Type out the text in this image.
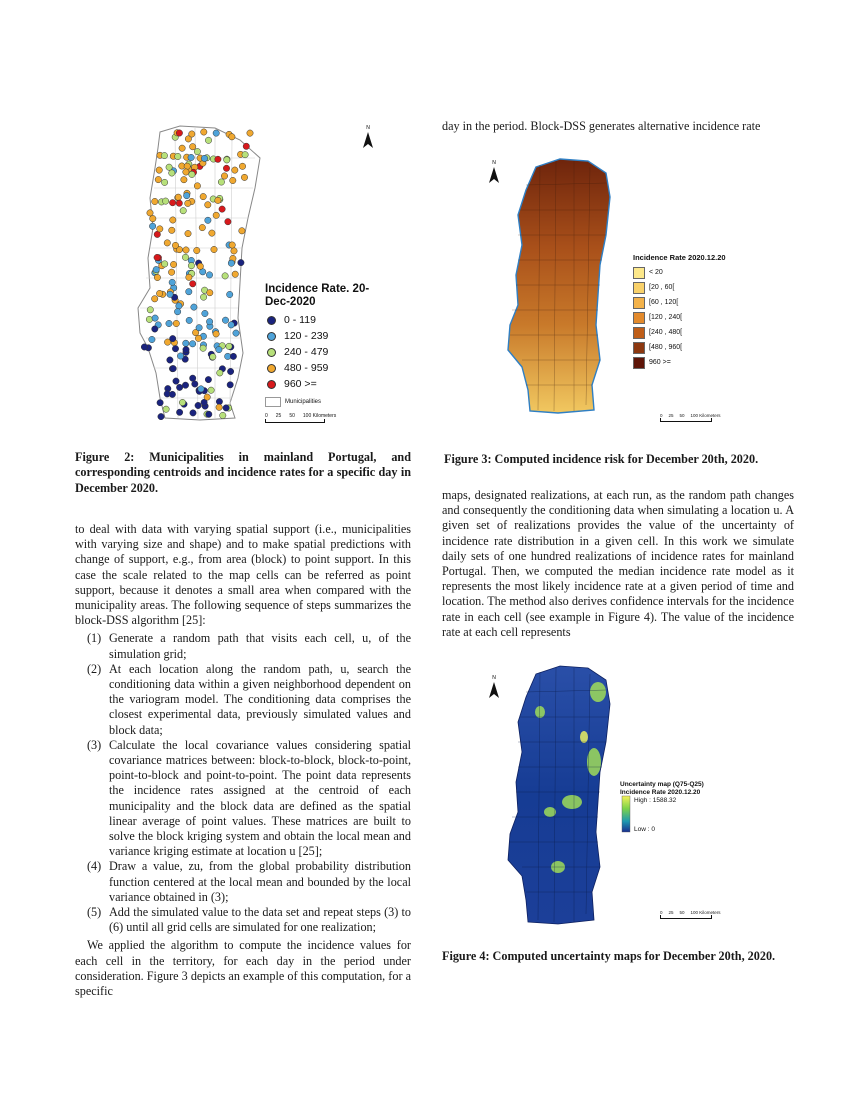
N
Incidence Rate. 20-Dec-2020
0 - 119
120 - 239
240 - 479
480 - 959
960 >=
Municipalities
0 25 50 100 Kilometers
N
Incidence Rate 2020.12.20
< 20
[20 , 60[
[60 , 120[
[120 , 240[
[240 , 480[
[480 , 960[
960 >=
0 25 50 100 Kilometers
Figure 3: Computed incidence risk for December 20th, 2020.
N
Uncertainty map (Q75-Q25)
Incidence Rate 2020.12.20
High : 1588.32
Low : 0
0 25 50 100 Kilometers
Figure 4: Computed uncertainty maps for December 20th, 2020.
Figure 2: Municipalities in mainland Portugal, and corresponding centroids and incidence rates for a specific day in December 2020.

to deal with data with varying spatial support (i.e., municipalities with varying size and shape) and to make spatial predictions with change of support, e.g., from area (block) to point support. In this case the scale related to the map cells can be referred as point support, because it denotes a small area when compared with the municipality areas. The following sequence of steps summarizes the block-DSS algorithm [25]:

(1) Generate a random path that visits each cell, u, of the simulation grid;
(2) At each location along the random path, u, search the conditioning data within a given neighborhood dependent on the variogram model. The conditioning data comprises the closest experimental data, previously simulated values and block data;
(3) Calculate the local covariance values considering spatial covariance matrices between: block-to-block, block-to-point, point-to-block and point-to-point. The point data represents the incidence rates assigned at the centroid of each municipality and the block data are defined as the spatial linear average of point values. These matrices are built to solve the block kriging system and obtain the local mean and variance kriging estimate at location u [25];
(4) Draw a value, zu, from the global probability distribution function centered at the local mean and bounded by the local variance obtained in (3);
(5) Add the simulated value to the data set and repeat steps (3) to (6) until all grid cells are simulated for one realization;

We applied the algorithm to compute the incidence values for each cell in the territory, for each day in the period under consideration. Figure 3 depicts an example of this computation, for a specific

day in the period. Block-DSS generates alternative incidence rate
maps, designated realizations, at each run, as the random path changes and consequently the conditioning data when simulating a location u. A given set of realizations provides the value of the uncertainty of incidence rate distribution in a given cell. In this work we simulate daily sets of one hundred realizations of incidence rates for mainland Portugal. Then, we computed the median incidence rate model as it represents the most likely incidence rate at a given period of time and location. The method also derives confidence intervals for the incidence rate in each cell (see example in Figure 4). The value of the incidence rate at each cell represents
